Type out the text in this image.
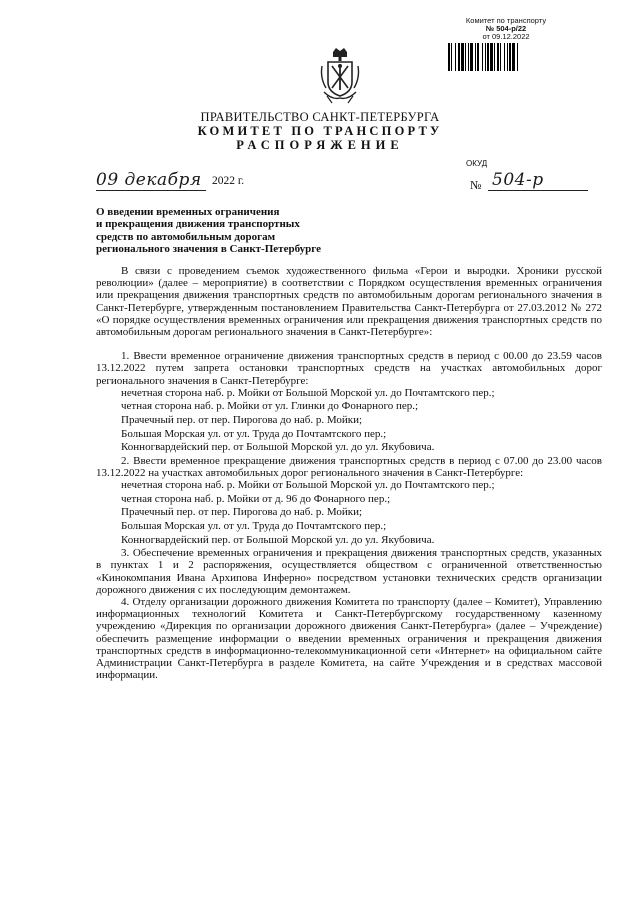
Комитет по транспорту
№ 504-р/22
от 09.12.2022
ПРАВИТЕЛЬСТВО САНКТ-ПЕТЕРБУРГА
КОМИТЕТ ПО ТРАНСПОРТУ
РАСПОРЯЖЕНИЕ
ОКУД
09 декабря 2022 г.	№ 504-р
О введении временных ограничения
и прекращения движения транспортных
средств по автомобильным дорогам
регионального значения в Санкт-Петербурге

В связи с проведением съемок художественного фильма «Герои и выродки. Хроники русской революции» (далее – мероприятие) в соответствии с Порядком осуществления временных ограничения или прекращения движения транспортных средств по автомобильным дорогам регионального значения в Санкт-Петербурге, утвержденным постановлением Правительства Санкт-Петербурга от 27.03.2012 № 272 «О порядке осуществления временных ограничения или прекращения движения транспортных средств по автомобильным дорогам регионального значения в Санкт-Петербурге»:

1. Ввести временное ограничение движения транспортных средств в период с 00.00 до 23.59 часов 13.12.2022 путем запрета остановки транспортных средств на участках автомобильных дорог регионального значения в Санкт-Петербурге:

нечетная сторона наб. р. Мойки от Большой Морской ул. до Почтамтского пер.;
четная сторона наб. р. Мойки от ул. Глинки до Фонарного пер.;
Прачечный пер. от пер. Пирогова до наб. р. Мойки;
Большая Морская ул. от ул. Труда до Почтамтского пер.;
Конногвардейский пер. от Большой Морской ул. до ул. Якубовича.

2. Ввести временное прекращение движения транспортных средств в период с 07.00 до 23.00 часов 13.12.2022 на участках автомобильных дорог регионального значения в Санкт-Петербурге:

нечетная сторона наб. р. Мойки от Большой Морской ул. до Почтамтского пер.;
четная сторона наб. р. Мойки от д. 96 до Фонарного пер.;
Прачечный пер. от пер. Пирогова до наб. р. Мойки;
Большая Морская ул. от ул. Труда до Почтамтского пер.;
Конногвардейский пер. от Большой Морской ул. до ул. Якубовича.

3. Обеспечение временных ограничения и прекращения движения транспортных средств, указанных в пунктах 1 и 2 распоряжения, осуществляется обществом с ограниченной ответственностью «Кинокомпания Ивана Архипова Инферно» посредством установки технических средств организации дорожного движения с их последующим демонтажем.

4. Отделу организации дорожного движения Комитета по транспорту (далее – Комитет), Управлению информационных технологий Комитета и Санкт-Петербургскому государственному казенному учреждению «Дирекция по организации дорожного движения Санкт-Петербурга» (далее – Учреждение) обеспечить размещение информации о введении временных ограничения и прекращения движения транспортных средств в информационно-телекоммуникационной сети «Интернет» на официальном сайте Администрации Санкт-Петербурга в разделе Комитета, на сайте Учреждения и в средствах массовой информации.
